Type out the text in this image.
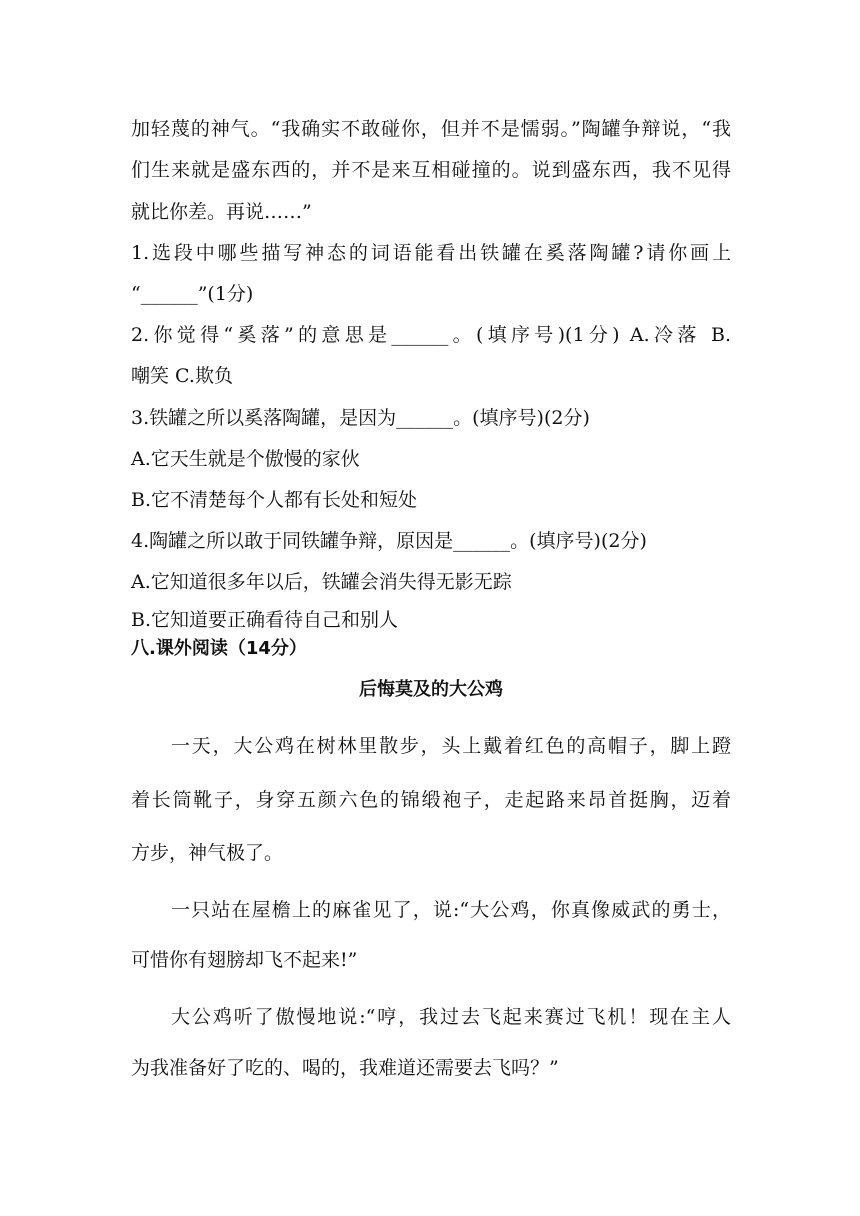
加轻蔑的神气。“我确实不敢碰你，但并不是懦弱。”陶罐争辩说，“我
们生来就是盛东西的，并不是来互相碰撞的。说到盛东西，我不见得
就比你差。再说……”
1.选段中哪些描写神态的词语能看出铁罐在奚落陶罐?请你画上
“______”(1分)
2.你觉得“奚落”的意思是______。(填序号)(1分) A.冷落 B.
嘲笑 C.欺负
3.铁罐之所以奚落陶罐，是因为______。(填序号)(2分)
A.它天生就是个傲慢的家伙
B.它不清楚每个人都有长处和短处
4.陶罐之所以敢于同铁罐争辩，原因是______。(填序号)(2分)
A.它知道很多年以后，铁罐会消失得无影无踪
B.它知道要正确看待自己和别人
八.课外阅读（14分）
后悔莫及的大公鸡
一天，大公鸡在树林里散步，头上戴着红色的高帽子，脚上蹬
着长筒靴子，身穿五颜六色的锦缎袍子，走起路来昂首挺胸，迈着
方步，神气极了。
一只站在屋檐上的麻雀见了，说:“大公鸡，你真像威武的勇士，
可惜你有翅膀却飞不起来!”
大公鸡听了傲慢地说:“哼，我过去飞起来赛过飞机！现在主人
为我准备好了吃的、喝的，我难道还需要去飞吗？”
